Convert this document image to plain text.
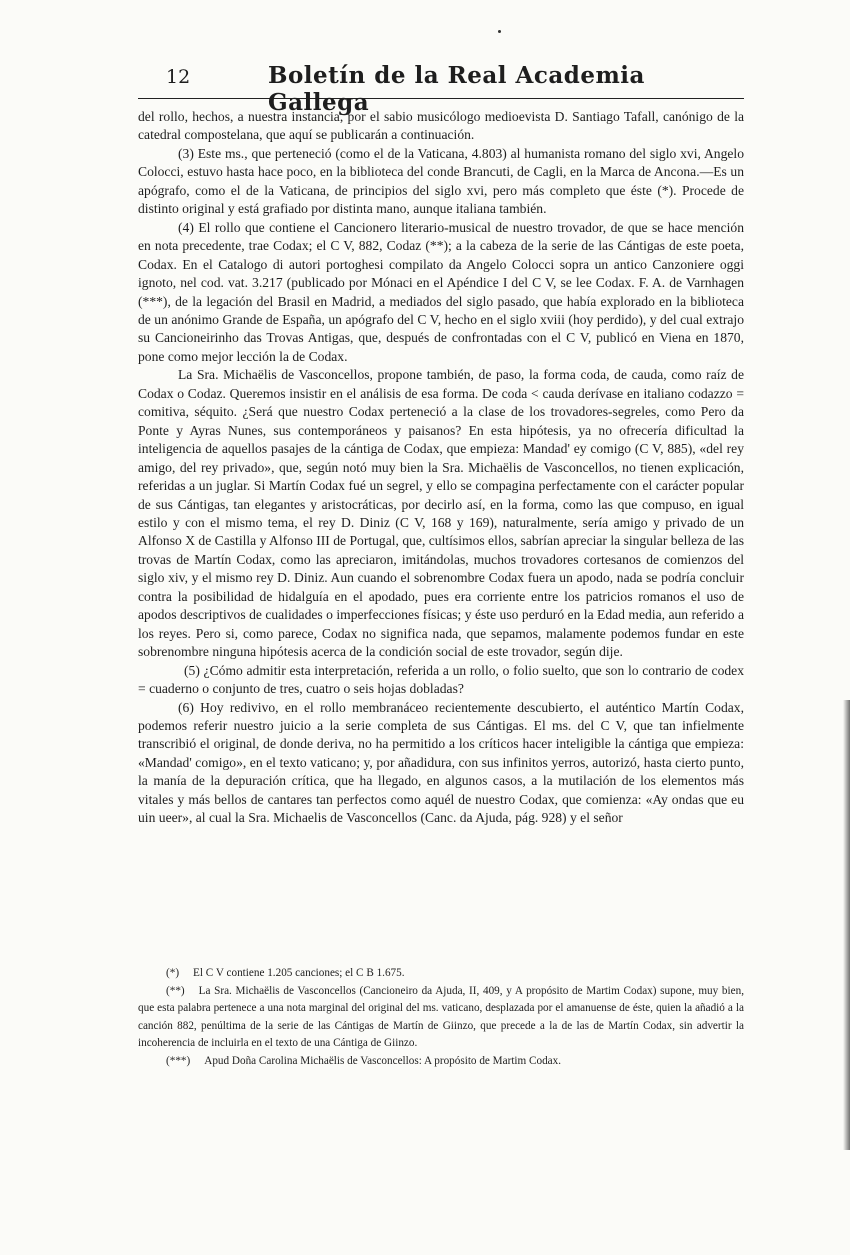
12	Boletín de la Real Academia Gallega

del rollo, hechos, a nuestra instancia, por el sabio musicólogo medioevista D. Santiago Tafall, canónigo de la catedral compostelana, que aquí se publicarán a continuación.

(3) Este ms., que perteneció (como el de la Vaticana, 4.803) al humanista romano del siglo xvi, Angelo Colocci, estuvo hasta hace poco, en la biblioteca del conde Brancuti, de Cagli, en la Marca de Ancona.—Es un apógrafo, como el de la Vaticana, de principios del siglo xvi, pero más completo que éste (*). Procede de distinto original y está grafiado por distinta mano, aunque italiana también.

(4) El rollo que contiene el Cancionero literario-musical de nuestro trovador, de que se hace mención en nota precedente, trae Codax; el C V, 882, Codaz (**); a la cabeza de la serie de las Cántigas de este poeta, Codax. En el Catalogo di autori portoghesi compilato da Angelo Colocci sopra un antico Canzoniere oggi ignoto, nel cod. vat. 3.217 (publicado por Mónaci en el Apéndice I del C V, se lee Codax. F. A. de Varnhagen (***), de la legación del Brasil en Madrid, a mediados del siglo pasado, que había explorado en la biblioteca de un anónimo Grande de España, un apógrafo del C V, hecho en el siglo xviii (hoy perdido), y del cual extrajo su Cancioneirinho das Trovas Antigas, que, después de confrontadas con el C V, publicó en Viena en 1870, pone como mejor lección la de Codax.

La Sra. Michaëlis de Vasconcellos, propone también, de paso, la forma coda, de cauda, como raíz de Codax o Codaz. Queremos insistir en el análisis de esa forma. De coda < cauda derívase en italiano codazzo = comitiva, séquito. ¿Será que nuestro Codax perteneció a la clase de los trovadores-segreles, como Pero da Ponte y Ayras Nunes, sus contemporáneos y paisanos? En esta hipótesis, ya no ofrecería dificultad la inteligencia de aquellos pasajes de la cántiga de Codax, que empieza: Mandad' ey comigo (C V, 885), «del rey amigo, del rey privado», que, según notó muy bien la Sra. Michaëlis de Vasconcellos, no tienen explicación, referidas a un juglar. Si Martín Codax fué un segrel, y ello se compagina perfectamente con el carácter popular de sus Cántigas, tan elegantes y aristocráticas, por decirlo así, en la forma, como las que compuso, en igual estilo y con el mismo tema, el rey D. Diniz (C V, 168 y 169), naturalmente, sería amigo y privado de un Alfonso X de Castilla y Alfonso III de Portugal, que, cultísimos ellos, sabrían apreciar la singular belleza de las trovas de Martín Codax, como las apreciaron, imitándolas, muchos trovadores cortesanos de comienzos del siglo xiv, y el mismo rey D. Diniz. Aun cuando el sobrenombre Codax fuera un apodo, nada se podría concluir contra la posibilidad de hidalguía en el apodado, pues era corriente entre los patricios romanos el uso de apodos descriptivos de cualidades o imperfecciones físicas; y éste uso perduró en la Edad media, aun referido a los reyes. Pero si, como parece, Codax no significa nada, que sepamos, malamente podemos fundar en este sobrenombre ninguna hipótesis acerca de la condición social de este trovador, según dije.

(5) ¿Cómo admitir esta interpretación, referida a un rollo, o folio suelto, que son lo contrario de codex = cuaderno o conjunto de tres, cuatro o seis hojas dobladas?

(6) Hoy redivivo, en el rollo membranáceo recientemente descubierto, el auténtico Martín Codax, podemos referir nuestro juicio a la serie completa de sus Cántigas. El ms. del C V, que tan infielmente transcribió el original, de donde deriva, no ha permitido a los críticos hacer inteligible la cántiga que empieza: «Mandad' comigo», en el texto vaticano; y, por añadidura, con sus infinitos yerros, autorizó, hasta cierto punto, la manía de la depuración crítica, que ha llegado, en algunos casos, a la mutilación de los elementos más vitales y más bellos de cantares tan perfectos como aquél de nuestro Codax, que comienza: «Ay ondas que eu uin ueer», al cual la Sra. Michaelis de Vasconcellos (Canc. da Ajuda, pág. 928) y el señor

(*) El C V contiene 1.205 canciones; el C B 1.675.

(**) La Sra. Michaëlis de Vasconcellos (Cancioneiro da Ajuda, II, 409, y A propósito de Martim Codax) supone, muy bien, que esta palabra pertenece a una nota marginal del original del ms. vaticano, desplazada por el amanuense de éste, quien la añadió a la canción 882, penúltima de la serie de las Cántigas de Martín de Giinzo, que precede a la de las de Martín Codax, sin advertir la incoherencia de incluirla en el texto de una Cántiga de Giinzo.

(***) Apud Doña Carolina Michaëlis de Vasconcellos: A propósito de Martim Codax.
